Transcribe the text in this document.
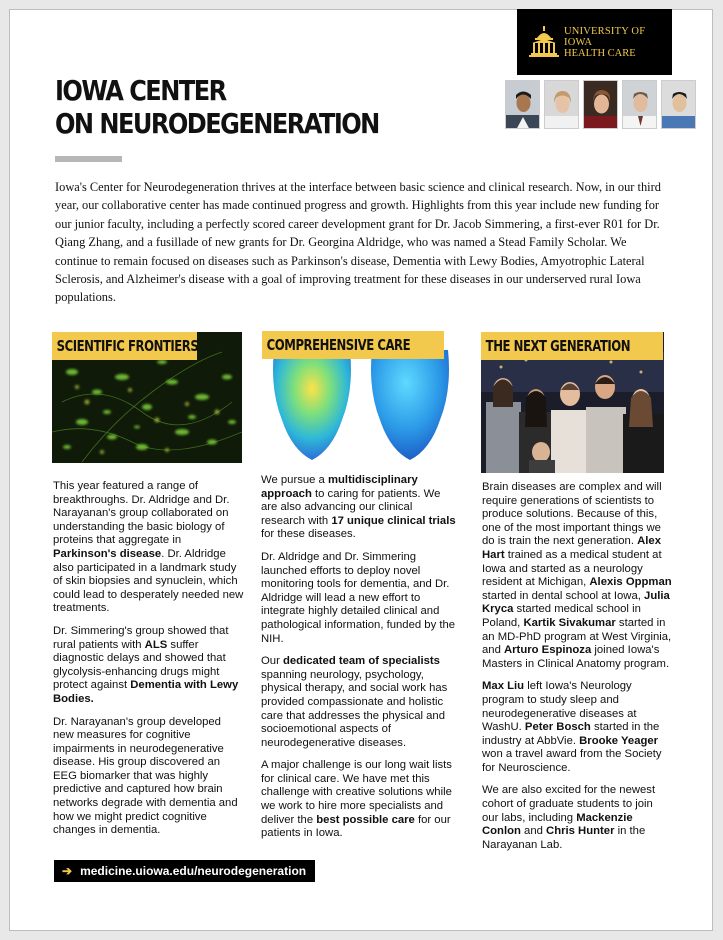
UNIVERSITY OF IOWA
HEALTH CARE
IOWA CENTER
ON NEURODEGENERATION

Iowa's Center for Neurodegeneration thrives at the interface between basic science and clinical research. Now, in our third year, our collaborative center has made continued progress and growth. Highlights from this year include new funding for our junior faculty, including a perfectly scored career development grant for Dr. Jacob Simmering, a first-ever R01 for Dr. Qiang Zhang, and a fusillade of new grants for Dr. Georgina Aldridge, who was named a Stead Family Scholar. We continue to remain focused on diseases such as Parkinson's disease, Dementia with Lewy Bodies, Amyotrophic Lateral Sclerosis, and Alzheimer's disease with a goal of improving treatment for these diseases in our underserved rural Iowa populations.

SCIENTIFIC FRONTIERS	COMPREHENSIVE CARE	THE NEXT GENERATION

This year featured a range of breakthroughs. Dr. Aldridge and Dr. Narayanan's group collaborated on understanding the basic biology of proteins that aggregate in Parkinson's disease. Dr. Aldridge also participated in a landmark study of skin biopsies and synuclein, which could lead to desperately needed new treatments.

Dr. Simmering's group showed that rural patients with ALS suffer diagnostic delays and showed that glycolysis-enhancing drugs might protect against Dementia with Lewy Bodies.

Dr. Narayanan's group developed new measures for cognitive impairments in neurodegenerative disease. His group discovered an EEG biomarker that was highly predictive and captured how brain networks degrade with dementia and how we might predict cognitive changes in dementia.

We pursue a multidisciplinary approach to caring for patients. We are also advancing our clinical research with 17 unique clinical trials for these diseases.

Dr. Aldridge and Dr. Simmering launched efforts to deploy novel monitoring tools for dementia, and Dr. Aldridge will lead a new effort to integrate highly detailed clinical and pathological information, funded by the NIH.

Our dedicated team of specialists spanning neurology, psychology, physical therapy, and social work has provided compassionate and holistic care that addresses the physical and socioemotional aspects of neurodegenerative diseases.

A major challenge is our long wait lists for clinical care. We have met this challenge with creative solutions while we work to hire more specialists and deliver the best possible care for our patients in Iowa.

Brain diseases are complex and will require generations of scientists to produce solutions. Because of this, one of the most important things we do is train the next generation. Alex Hart trained as a medical student at Iowa and started as a neurology resident at Michigan, Alexis Oppman started in dental school at Iowa, Julia Kryca started medical school in Poland, Kartik Sivakumar started in an MD-PhD program at West Virginia, and Arturo Espinoza joined Iowa's Masters in Clinical Anatomy program.

Max Liu left Iowa's Neurology program to study sleep and neurodegenerative diseases at WashU. Peter Bosch started in the industry at AbbVie. Brooke Yeager won a travel award from the Society for Neuroscience.

We are also excited for the newest cohort of graduate students to join our labs, including Mackenzie Conlon and Chris Hunter in the Narayanan Lab.

➔ medicine.uiowa.edu/neurodegeneration
